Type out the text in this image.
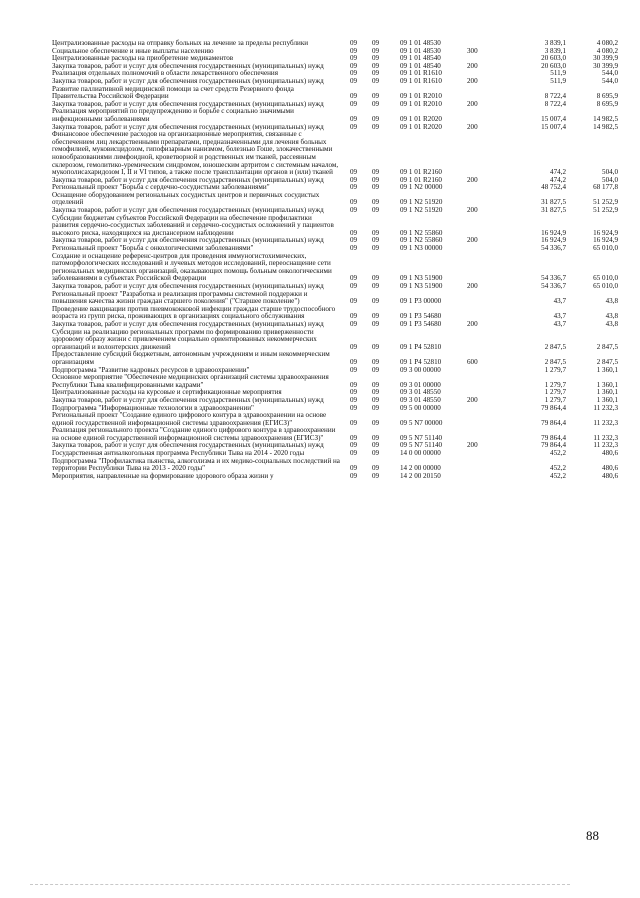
Централизованные расходы на отправку больных на лечение за пределы республики	09 09	09 1 01 48530	3 839,1	4 080,2
Социальное обеспечение и иные выплаты населению	09 09	09 1 01 48530	300	3 839,1	4 080,2
Централизованные расходы на приобретение медикаментов	09 09	09 1 01 48540	20 603,0	30 399,9
Закупка товаров, работ и услуг для обеспечения государственных (муниципальных) нужд	09 09	09 1 01 48540	200	20 603,0	30 399,9
Реализация отдельных полномочий в области лекарственного обеспечения	09 09	09 1 01 R1610	511,9	544,0
Закупка товаров, работ и услуг для обеспечения государственных (муниципальных) нужд	09 09	09 1 01 R1610	200	511,9	544,0
Развитие паллиативной медицинской помощи за счет средств Резервного фонда Правительства Российской Федерации	09 09	09 1 01 R2010	8 722,4	8 695,9
Закупка товаров, работ и услуг для обеспечения государственных (муниципальных) нужд	09 09	09 1 01 R2010	200	8 722,4	8 695,9
Реализация мероприятий по предупреждению и борьбе с социально значимыми инфекционными заболеваниями	09 09	09 1 01 R2020	15 007,4	14 982,5
Закупка товаров, работ и услуг для обеспечения государственных (муниципальных) нужд	09 09	09 1 01 R2020	200	15 007,4	14 982,5
Финансовое обеспечение расходов на организационные мероприятия, связанные с обеспечением лиц лекарственными препаратами, предназначенными для лечения больных гемофилией, муковисцидозом, гипофизарным нанизмом, болезнью Гоше, злокачественными новообразованиями лимфоидной, кроветворной и родственных им тканей, рассеянным склерозом, гемолитико-уремическим синдромом, юношеским артритом с системным началом, мукополисахаридозом I, II и VI типов, а также после трансплантации органов и (или) тканей	09 09	09 1 01 R2160	474,2	504,0
Закупка товаров, работ и услуг для обеспечения государственных (муниципальных) нужд	09 09	09 1 01 R2160	200	474,2	504,0
Региональный проект "Борьба с сердечно-сосудистыми заболеваниями"	09 09	09 1 N2 00000	48 752,4	68 177,8
Оснащение оборудованием региональных сосудистых центров и первичных сосудистых отделений	09 09	09 1 N2 51920	31 827,5	51 252,9
Закупка товаров, работ и услуг для обеспечения государственных (муниципальных) нужд	09 09	09 1 N2 51920	200	31 827,5	51 252,9
Субсидии бюджетам субъектов Российской Федерации на обеспечение профилактики развития сердечно-сосудистых заболеваний и сердечно-сосудистых осложнений у пациентов высокого риска, находящихся на диспансерном наблюдении	09 09	09 1 N2 55860	16 924,9	16 924,9
Закупка товаров, работ и услуг для обеспечения государственных (муниципальных) нужд	09 09	09 1 N2 55860	200	16 924,9	16 924,9
Региональный проект "Борьба с онкологическими заболеваниями"	09 09	09 1 N3 00000	54 336,7	65 010,0
Создание и оснащение референс-центров для проведения иммуногистохимических, патоморфологических исследований и лучевых методов исследований, переоснащение сети региональных медицинских организаций, оказывающих помощь больным онкологическими заболеваниями в субъектах Российской Федерации	09 09	09 1 N3 51900	54 336,7	65 010,0
Закупка товаров, работ и услуг для обеспечения государственных (муниципальных) нужд	09 09	09 1 N3 51900	200	54 336,7	65 010,0
Региональный проект "Разработка и реализация программы системной поддержки и повышения качества жизни граждан старшего поколения" ("Старшее поколение")	09 09	09 1 P3 00000	43,7	43,8
Проведение вакцинации против пневмококковой инфекции граждан старше трудоспособного возраста из групп риска, проживающих в организациях социального обслуживания	09 09	09 1 P3 54680	43,7	43,8
Закупка товаров, работ и услуг для обеспечения государственных (муниципальных) нужд	09 09	09 1 P3 54680	200	43,7	43,8
Субсидии на реализацию региональных программ по формированию приверженности здоровому образу жизни с привлечением социально ориентированных некоммерческих организаций и волонтерских движений	09 09	09 1 P4 52810	2 847,5	2 847,5
Предоставление субсидий бюджетным, автономным учреждениям и иным некоммерческим организациям	09 09	09 1 P4 52810	600	2 847,5	2 847,5
Подпрограмма "Развитие кадровых ресурсов в здравоохранении"	09 09	09 3 00 00000	1 279,7	1 360,1
Основное мероприятие "Обеспечение медицинских организаций системы здравоохранения Республики Тыва квалифицированными кадрами"	09 09	09 3 01 00000	1 279,7	1 360,1
Централизованные расходы на курсовые и сертификационные мероприятия	09 09	09 3 01 48550	1 279,7	1 360,1
Закупка товаров, работ и услуг для обеспечения государственных (муниципальных) нужд	09 09	09 3 01 48550	200	1 279,7	1 360,1
Подпрограмма "Информационные технологии в здравоохранении"	09 09	09 5 00 00000	79 864,4	11 232,3
Региональный проект "Создание единого цифрового контура в здравоохранении на основе единой государственной информационной системы здравоохранения (ЕГИСЗ)"	09 09	09 5 N7 00000	79 864,4	11 232,3
Реализация регионального проекта "Создание единого цифрового контура в здравоохранении на основе единой государственной информационной системы здравоохранения (ЕГИСЗ)"	09 09	09 5 N7 51140	79 864,4	11 232,3
Закупка товаров, работ и услуг для обеспечения государственных (муниципальных) нужд	09 09	09 5 N7 51140	200	79 864,4	11 232,3
Государственная антиалкогольная программа Республики Тыва на 2014 - 2020 годы	09 09	14 0 00 00000	452,2	480,6
Подпрограмма "Профилактика пьянства, алкоголизма и их медико-социальных последствий на территории Республики Тыва на 2013 - 2020 годы"	09 09	14 2 00 00000	452,2	480,6
Мероприятия, направленные на формирование здорового образа жизни у	09 09	14 2 00 20150	452,2	480,6
88
